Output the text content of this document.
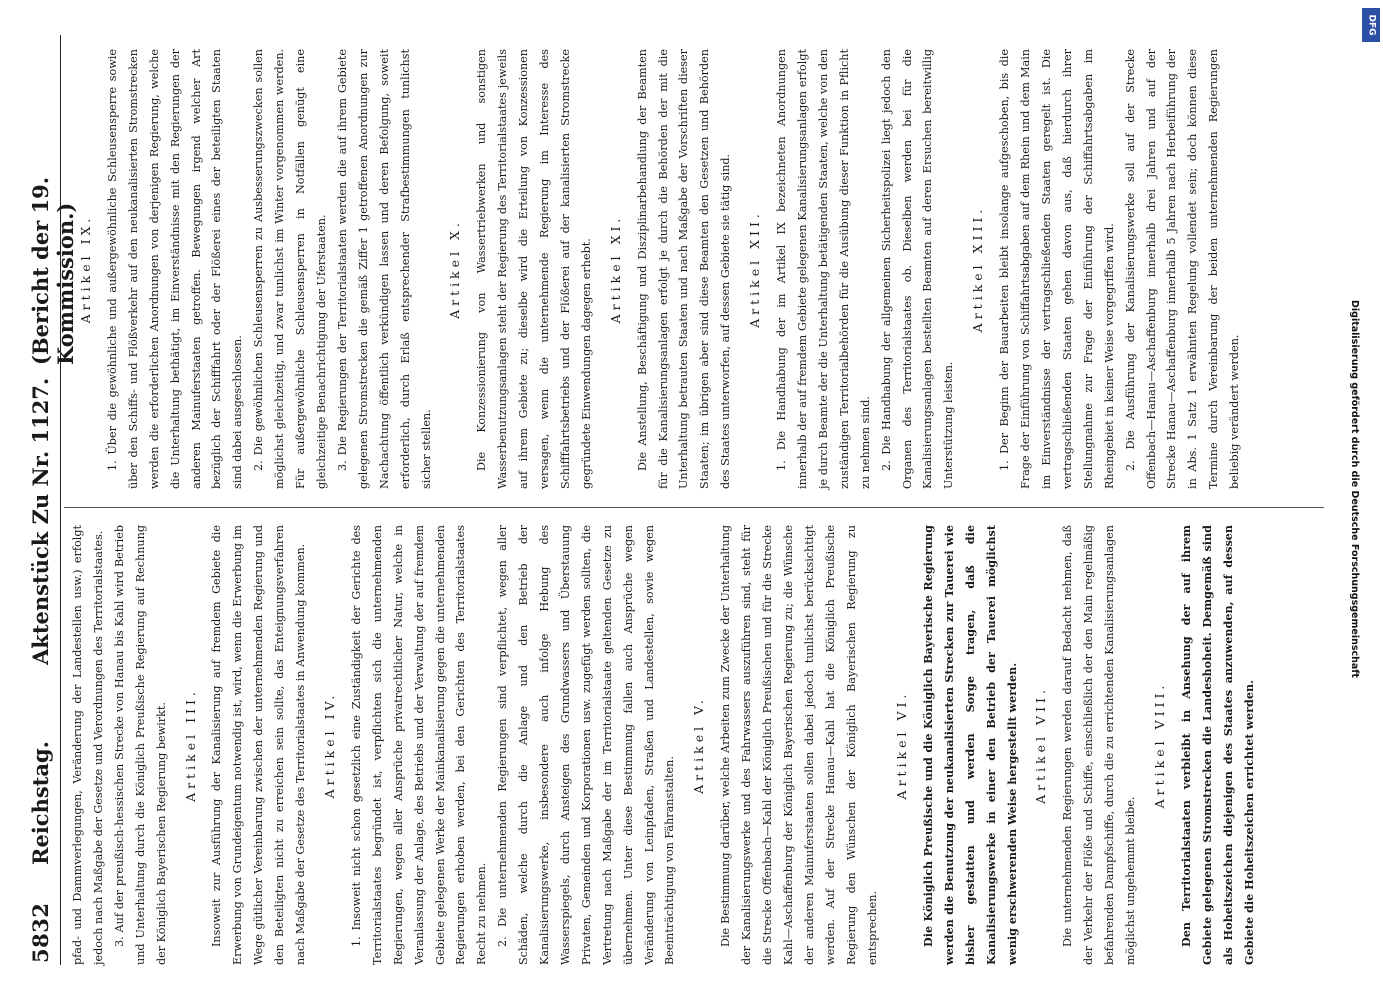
5832
Reichstag.
Aktenstück Zu Nr. 1127.
(Bericht der 19. Kommission.)

pfad- und Dammverlegungen, Veränderung der Landestellen usw.) erfolgt jedoch nach Maßgabe der Gesetze und Verordnungen des Territorialstaates. 3. Auf der preußisch-hessischen Strecke von Hanau bis Kahl wird Betrieb und Unterhaltung durch die Königlich Preußische Regierung auf Rechnung der Königlich Bayerischen Regierung bewirkt.	Artikel III.	Insoweit zur Ausführung der Kanalisierung auf fremdem Gebiete die Erwerbung von Grundeigentum notwendig ist, wird, wenn die Erwerbung im Wege gütlicher Vereinbarung zwischen der unternehmenden Regierung und den Beteiligten nicht zu erreichen sein sollte, das Enteignungsverfahren nach Maßgabe der Gesetze des Territorialstaates in Anwendung kommen.	Artikel IV.	1. Insoweit nicht schon gesetzlich eine Zuständigkeit der Gerichte des Territorialstaates begründet ist, verpflichten sich die unternehmenden Regierungen, wegen aller Ansprüche privatrechtlicher Natur, welche in Veranlassung der Anlage, des Betriebs und der Verwaltung der auf fremdem Gebiete gelegenen Werke der Mainkanalisierung gegen die unternehmenden Regierungen erhoben werden, bei den Gerichten des Territorialstaates Recht zu nehmen. 2. Die unternehmenden Regierungen sind verpflichtet, wegen aller Schäden, welche durch die Anlage und den Betrieb der Kanalisierungswerke, insbesondere auch infolge Hebung des Wasserspiegels, durch Ansteigen des Grundwassers und Überstauung Privaten, Gemeinden und Korporationen usw. zugefügt werden sollten, die Vertretung nach Maßgabe der im Territorialstaate geltenden Gesetze zu übernehmen. Unter diese Bestimmung fallen auch Ansprüche wegen Veränderung von Leinpfaden, Straßen und Landestellen, sowie wegen Beeinträchtigung von Fähranstalten.

Artikel V.	Die Bestimmung darüber, welche Arbeiten zum Zwecke der Unterhaltung der Kanalisierungswerke und des Fahrwassers auszuführen sind, steht für die Strecke Offenbach—Kahl der Königlich Preußischen und für die Strecke Kahl—Aschaffenburg der Königlich Bayerischen Regierung zu; die Wünsche der anderen Mainuferstaaten sollen dabei jedoch tunlichst berücksichtigt werden. Auf der Strecke Hanau—Kahl hat die Königlich Preußische Regierung den Wünschen der Königlich Bayerischen Regierung zu entsprechen.

Artikel VI.	Die Königlich Preußische und die Königlich Bayerische Regierung werden die Benutzung der neukanalisierten Strecken zur Tauerei wie bisher gestatten und werden Sorge tragen, daß die Kanalisierungswerke in einer den Betrieb der Tauerei möglichst wenig erschwerenden Weise hergestellt werden.	Artikel VII.	Die unternehmenden Regierungen werden darauf Bedacht nehmen, daß der Verkehr der Flöße und Schiffe, einschließlich der den Main regelmäßig befahrenden Dampfschiffe, durch die zu errichtenden Kanalisierungsanlagen möglichst ungehemmt bleibe.

Artikel VIII.	Den Territorialstaaten verbleibt in Ansehung der auf ihrem Gebiete gelegenen Stromstrecken die Landeshoheit. Demgemäß sind als Hoheitszeichen diejenigen des Staates anzuwenden, auf dessen Gebiete die Hoheitszeichen errichtet werden.

Artikel IX.	1. Über die gewöhnliche und außergewöhnliche Schleusensperre sowie über den Schiffs- und Flößverkehr auf den neukanalisierten Stromstrecken werden die erforderlichen Anordnungen von derjenigen Regierung, welche die Unterhaltung bethätigt, im Einverständnisse mit den Regierungen der anderen Mainuferstaaten getroffen. Bewegungen irgend welcher Art bezüglich der Schifffahrt oder der Flößerei eines der beteiligten Staaten sind dabei ausgeschlossen. 2. Die gewöhnlichen Schleusensperren zu Ausbesserungszwecken sollen möglichst gleichzeitig, und zwar tunlichst im Winter vorgenommen werden. Für außergewöhnliche Schleusensperren in Notfällen genügt eine gleichzeitige Benachrichtigung der Uferstaaten. 3. Die Regierungen der Territorialstaaten werden die auf ihrem Gebiete gelegenen Stromstrecken die gemäß Ziffer 1 getroffenen Anordnungen zur Nachachtung öffentlich verkündigen lassen und deren Befolgung, soweit erforderlich, durch Erlaß entsprechender Strafbestimmungen tunlichst sicher stellen.

Artikel X.	Die Konzessionierung von Wassertriebwerken und sonstigen Wasserbenutzungsanlagen steht der Regierung des Territorialstaates jeweils auf ihrem Gebiete zu; dieselbe wird die Erteilung von Konzessionen versagen, wenn die unternehmende Regierung im Interesse des Schifffahrtsbetriebs und der Flößerei auf der kanalisierten Stromstrecke gegründete Einwendungen dagegen erhebt.	Artikel XI.	Die Anstellung, Beschäftigung und Disziplinarbehandlung der Beamten für die Kanalisierungsanlagen erfolgt je durch die Behörden der mit die Unterhaltung betrauten Staaten und nach Maßgabe der Vorschriften dieser Staaten; im übrigen aber sind diese Beamten den Gesetzen und Behörden des Staates unterworfen, auf dessen Gebiete sie tätig sind.	Artikel XII.	1. Die Handhabung der im Artikel IX bezeichneten Anordnungen innerhalb der auf fremdem Gebiete gelegenen Kanalisierungsanlagen erfolgt je durch Beamte der die Unterhaltung betätigenden Staaten, welche von den zuständigen Territorialbehörden für die Ausübung dieser Funktion in Pflicht zu nehmen sind. 2. Die Handhabung der allgemeinen Sicherheitspolizei liegt jedoch den Organen des Territorialstaates ob. Dieselben werden bei für die Kanalisierungsanlagen bestellten Beamten auf deren Ersuchen bereitwillig Unterstützung leisten.

Artikel XIII.	1. Der Beginn der Bauarbeiten bleibt insolange aufgeschoben, bis die Frage der Einführung von Schiffahrtsabgaben auf dem Rhein und dem Main im Einverständnisse der vertragschließenden Staaten geregelt ist. Die vertragschließenden Staaten gehen davon aus, daß hierdurch ihrer Stellungnahme zur Frage der Einführung der Schiffahrtsabgaben im Rheingebiet in keiner Weise vorgegriffen wird. 2. Die Ausführung der Kanalisierungswerke soll auf der Strecke Offenbach—Hanau—Aschaffenburg innerhalb drei Jahren und auf der Strecke Hanau—Aschaffenburg innerhalb 5 Jahren nach Herbeiführung der in Abs. 1 Satz 1 erwähnten Regelung vollendet sein; doch können diese Termine durch Vereinbarung der beiden unternehmenden Regierungen beliebig verändert werden.	Digitalisierung gefördert durch die Deutsche Forschungsgemeinschaft
DFG
